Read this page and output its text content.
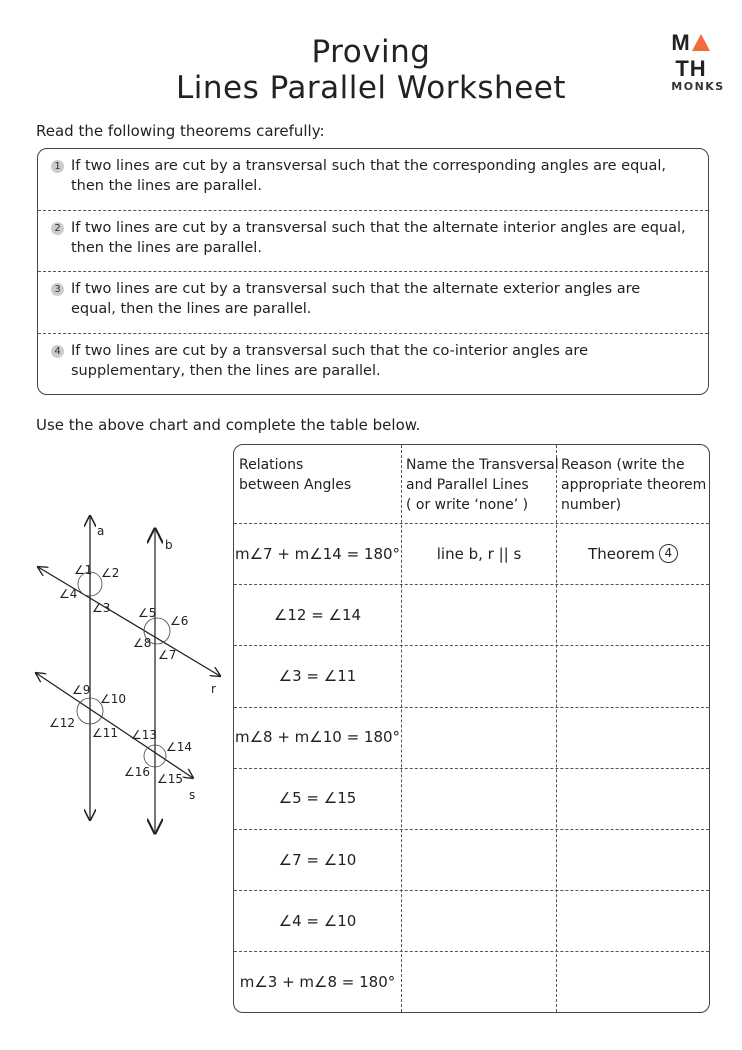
Proving
Lines Parallel Worksheet
MTH
MONKS
Read the following theorems carefully:
1 If two lines are cut by a transversal such that the corresponding angles are equal, then the lines are parallel.
2 If two lines are cut by a transversal such that the alternate interior angles are equal, then the lines are parallel.
3 If two lines are cut by a transversal such that the alternate exterior angles are equal, then the lines are parallel.
4 If two lines are cut by a transversal such that the co-interior angles are supplementary, then the lines are parallel.
Use the above chart and complete the table below.
a
b
r
s
∠1 ∠2
∠3
∠4
∠5
∠6
∠7
∠8
∠9
∠10
∠11
∠12
∠13
∠14
∠15
∠16
Relations
between Angles
Name the Transversal
and Parallel Lines
( or write ‘none’ )
Reason (write the
appropriate theorem
number)
m∠7 + m∠14 = 180° line b, r || s	Theorem 4
∠12 = ∠14
∠3 = ∠11
m∠8 + m∠10 = 180°
∠5 = ∠15
∠7 = ∠10
∠4 = ∠10
m∠3 + m∠8 = 180°
